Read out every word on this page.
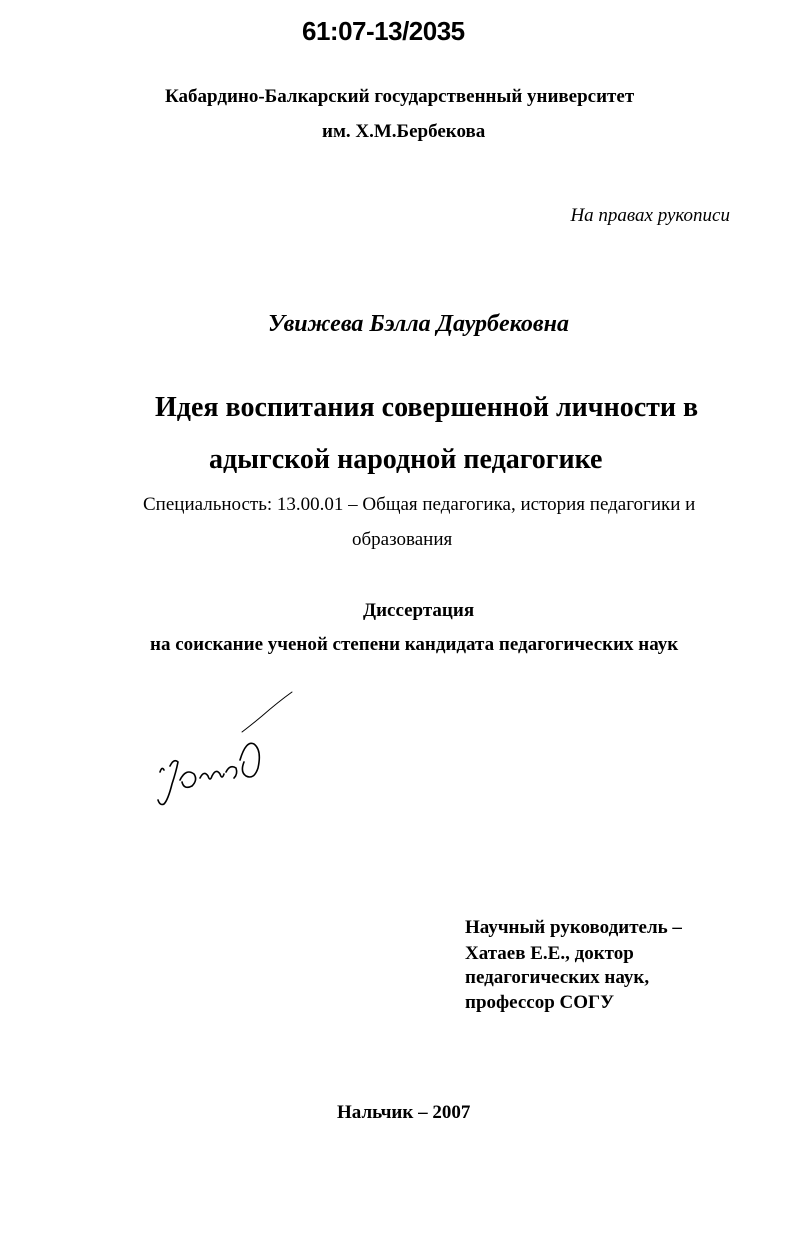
61:07-13/2035
Кабардино-Балкарский государственный университет
им. Х.М.Бербекова
На правах рукописи
Увижева Бэлла Даурбековна
Идея воспитания совершенной личности в
адыгской народной педагогике
Специальность: 13.00.01 – Общая педагогика, история педагогики и
образования
Диссертация
на соискание ученой степени кандидата педагогических наук
Научный руководитель –
Хатаев Е.Е., доктор
педагогических наук,
профессор СОГУ
Нальчик – 2007
